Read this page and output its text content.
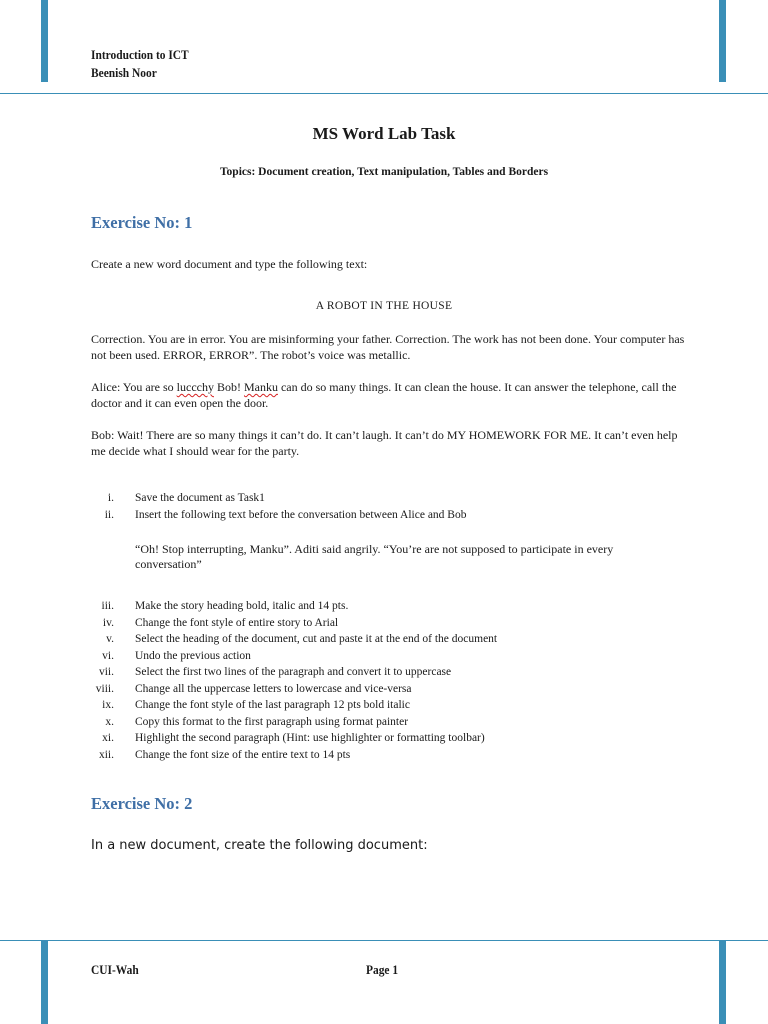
Introduction to ICT
Beenish Noor
MS Word Lab Task
Topics: Document creation, Text manipulation, Tables and Borders
Exercise No: 1
Create a new word document and type the following text:
A ROBOT IN THE HOUSE
Correction. You are in error. You are misinforming your father. Correction. The work has not been done. Your computer has not been used. ERROR, ERROR”. The robot’s voice was metallic.
Alice: You are so luccchy Bob! Manku can do so many things. It can clean the house. It can answer the telephone, call the doctor and it can even open the door.
Bob: Wait! There are so many things it can’t do. It can’t laugh. It can’t do MY HOMEWORK FOR ME. It can’t even help me decide what I should wear for the party.
i.	Save the document as Task1
ii.	Insert the following text before the conversation between Alice and Bob
iii.	Make the story heading bold, italic and 14 pts.
iv.	Change the font style of entire story to Arial
v.	Select the heading of the document, cut and paste it at the end of the document
vi.	Undo the previous action
vii.	Select the first two lines of the paragraph and convert it to uppercase
viii.	Change all the uppercase letters to lowercase and vice-versa
ix.	Change the font style of the last paragraph 12 pts bold italic
x.	Copy this format to the first paragraph using format painter
xi.	Highlight the second paragraph (Hint: use highlighter or formatting toolbar)
xii.	Change the font size of the entire text to 14 pts
“Oh! Stop interrupting, Manku”. Aditi said angrily. “You’re are not supposed to participate in every conversation”
Exercise No: 2
In a new document, create the following document:
CUI-Wah	Page 1
